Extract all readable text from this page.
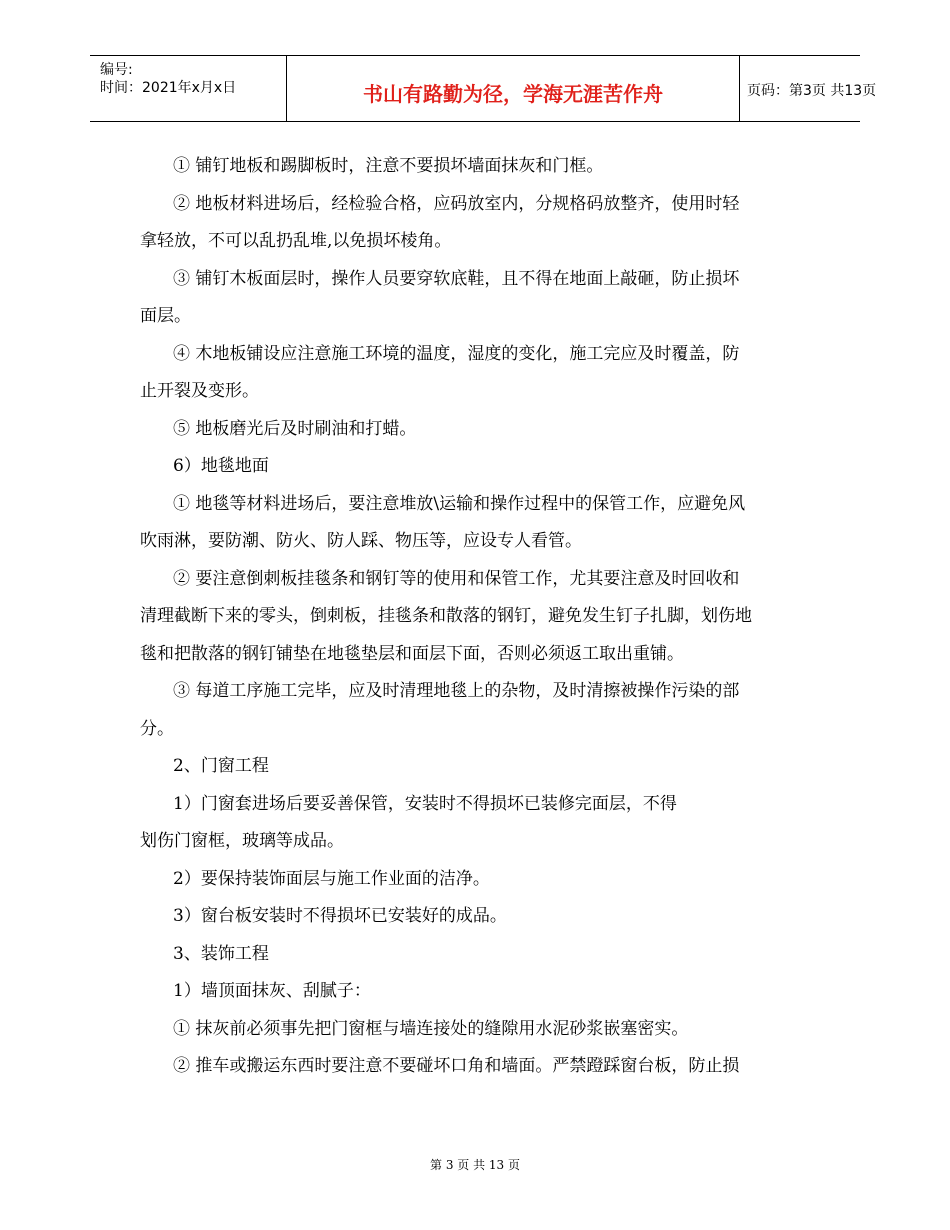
编号:
时间：2021年x月x日	书山有路勤为径，学海无涯苦作舟	页码：第3页 共13页
① 铺钉地板和踢脚板时，注意不要损坏墙面抹灰和门框。
② 地板材料进场后，经检验合格，应码放室内，分规格码放整齐，使用时轻
拿轻放，不可以乱扔乱堆,以免损坏棱角。
③ 铺钉木板面层时，操作人员要穿软底鞋，且不得在地面上敲砸，防止损坏
面层。
④ 木地板铺设应注意施工环境的温度，湿度的变化，施工完应及时覆盖，防
止开裂及变形。
⑤ 地板磨光后及时刷油和打蜡。
6）地毯地面
① 地毯等材料进场后，要注意堆放\运输和操作过程中的保管工作，应避免风
吹雨淋，要防潮、防火、防人踩、物压等，应设专人看管。
② 要注意倒刺板挂毯条和钢钉等的使用和保管工作，尤其要注意及时回收和
清理截断下来的零头，倒刺板，挂毯条和散落的钢钉，避免发生钉子扎脚，划伤地
毯和把散落的钢钉铺垫在地毯垫层和面层下面，否则必须返工取出重铺。
③ 每道工序施工完毕，应及时清理地毯上的杂物，及时清擦被操作污染的部
分。
2、门窗工程
1）门窗套进场后要妥善保管，安装时不得损坏已装修完面层，不得
划伤门窗框，玻璃等成品。
2）要保持装饰面层与施工作业面的洁净。
3）窗台板安装时不得损坏已安装好的成品。
3、装饰工程
1）墙顶面抹灰、刮腻子：
① 抹灰前必须事先把门窗框与墙连接处的缝隙用水泥砂浆嵌塞密实。
② 推车或搬运东西时要注意不要碰坏口角和墙面。严禁蹬踩窗台板，防止损
第 3 页 共 13 页
